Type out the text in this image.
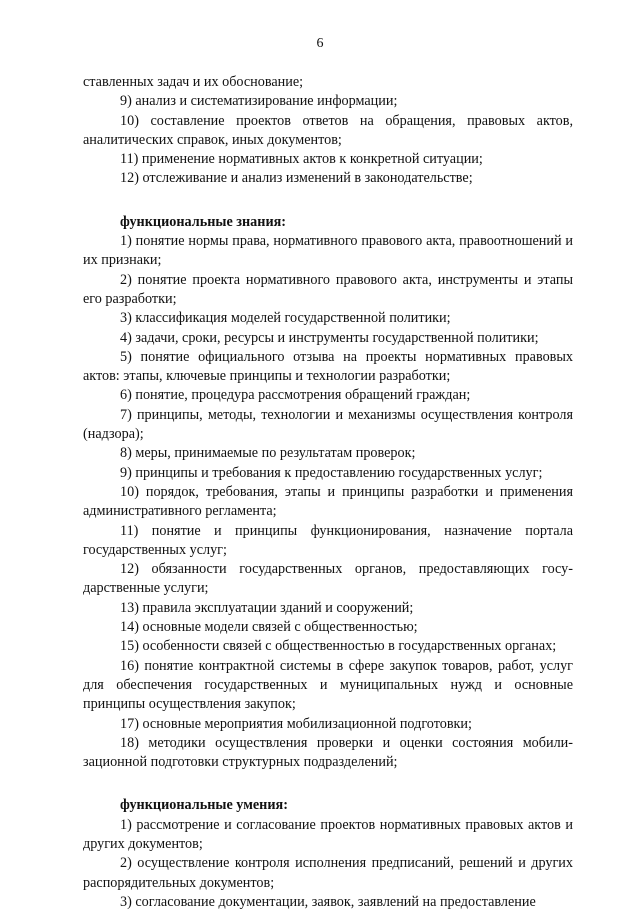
6

ставленных задач и их обоснование;

9) анализ и систематизирование информации;

10) составление проектов ответов на обращения, правовых актов, аналитических справок, иных документов;

11) применение нормативных актов к конкретной ситуации;

12) отслеживание и анализ изменений в законодательстве;

функциональные знания:

1) понятие нормы права, нормативного правового акта, правоотношений и их признаки;

2) понятие проекта нормативного правового акта, инструменты и этапы его разработки;

3) классификация моделей государственной политики;

4) задачи, сроки, ресурсы и инструменты государственной политики;

5) понятие официального отзыва на проекты нормативных правовых актов: этапы, ключевые принципы и технологии разработки;

6) понятие, процедура рассмотрения обращений граждан;

7) принципы, методы, технологии и механизмы осуществления контроля (надзора);

8) меры, принимаемые по результатам проверок;

9) принципы и требования к предоставлению государственных услуг;

10) порядок, требования, этапы и принципы разработки и применения административного регламента;

11) понятие и принципы функционирования, назначение портала государственных услуг;

12) обязанности государственных органов, предоставляющих государственные услуги;

13) правила эксплуатации зданий и сооружений;

14) основные модели связей с общественностью;

15) особенности связей с общественностью в государственных органах;

16) понятие контрактной системы в сфере закупок товаров, работ, услуг для обеспечения государственных и муниципальных нужд и основные принципы осуществления закупок;

17) основные мероприятия мобилизационной подготовки;

18) методики осуществления проверки и оценки состояния мобилизационной подготовки структурных подразделений;

функциональные умения:

1) рассмотрение и согласование проектов нормативных правовых актов и других документов;

2) осуществление контроля исполнения предписаний, решений и других распорядительных документов;

3) согласование документации, заявок, заявлений на предоставление
